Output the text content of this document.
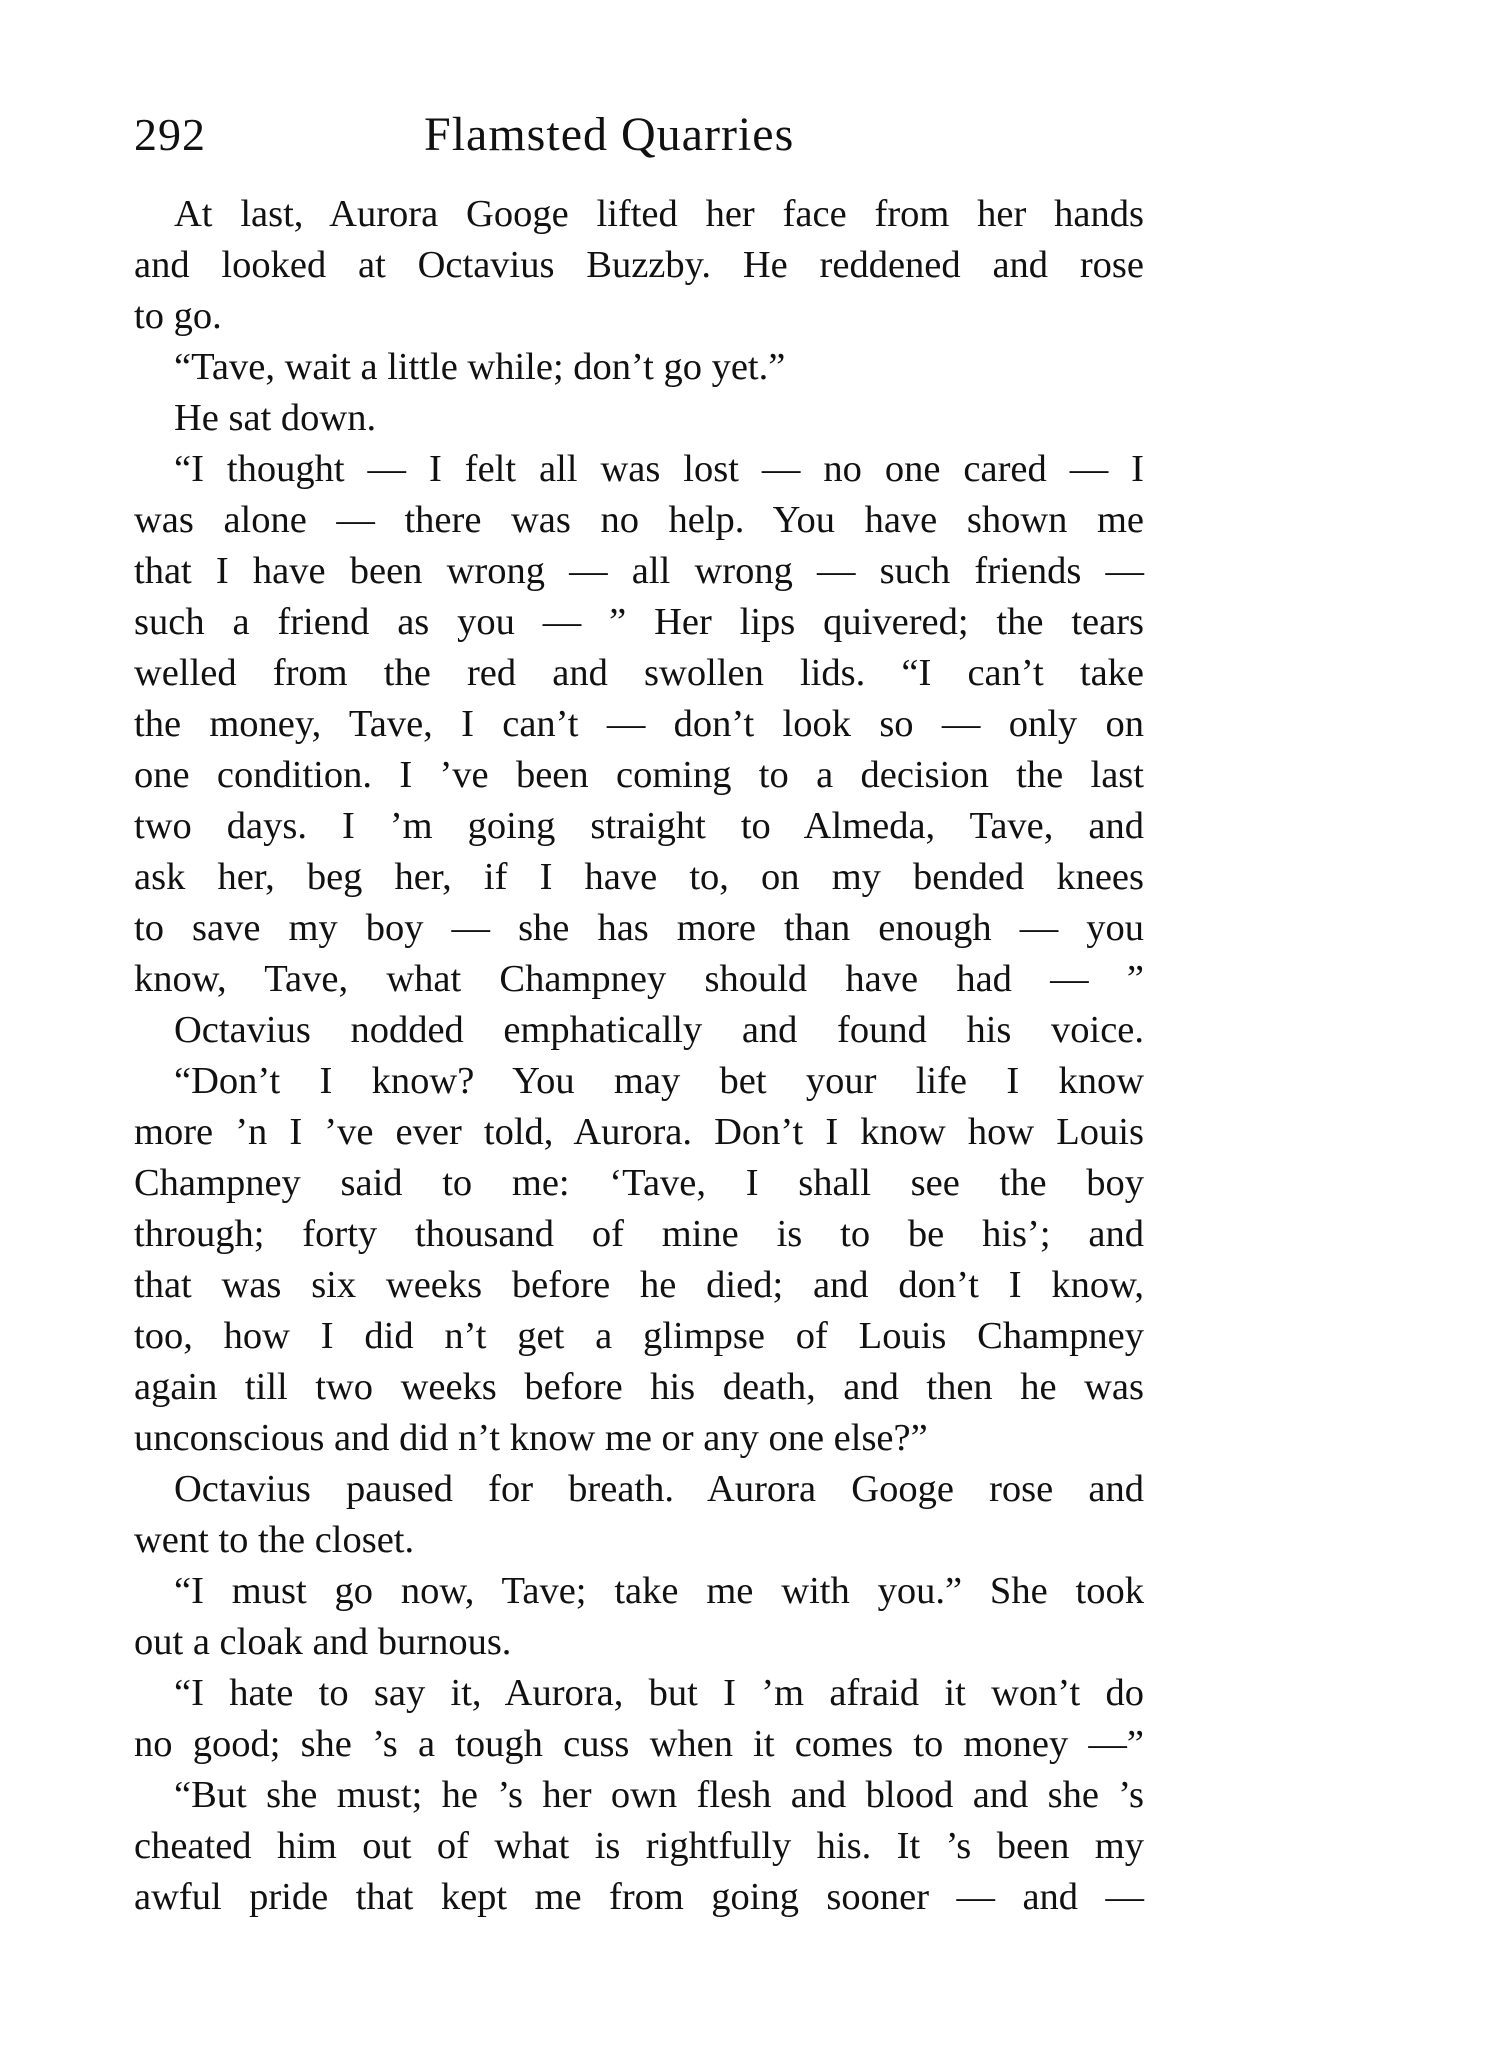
292	Flamsted Quarries
At last, Aurora Googe lifted her face from her hands
and looked at Octavius Buzzby. He reddened and rose
to go.
“Tave, wait a little while; don’t go yet.”
He sat down.
“I thought — I felt all was lost — no one cared — I
was alone — there was no help. You have shown me
that I have been wrong — all wrong — such friends —
such a friend as you — ” Her lips quivered; the tears
welled from the red and swollen lids. “I can’t take
the money, Tave, I can’t — don’t look so — only on
one condition. I ’ve been coming to a decision the last
two days. I ’m going straight to Almeda, Tave, and
ask her, beg her, if I have to, on my bended knees
to save my boy — she has more than enough — you
know, Tave, what Champney should have had — ”
Octavius nodded emphatically and found his voice.
“Don’t I know? You may bet your life I know
more ’n I ’ve ever told, Aurora. Don’t I know how Louis
Champney said to me: ‘Tave, I shall see the boy
through; forty thousand of mine is to be his’; and
that was six weeks before he died; and don’t I know,
too, how I did n’t get a glimpse of Louis Champney
again till two weeks before his death, and then he was
unconscious and did n’t know me or any one else?”
Octavius paused for breath. Aurora Googe rose and
went to the closet.
“I must go now, Tave; take me with you.” She took
out a cloak and burnous.
“I hate to say it, Aurora, but I ’m afraid it won’t do
no good; she ’s a tough cuss when it comes to money —”
“But she must; he ’s her own flesh and blood and she ’s
cheated him out of what is rightfully his. It ’s been my
awful pride that kept me from going sooner — and —
